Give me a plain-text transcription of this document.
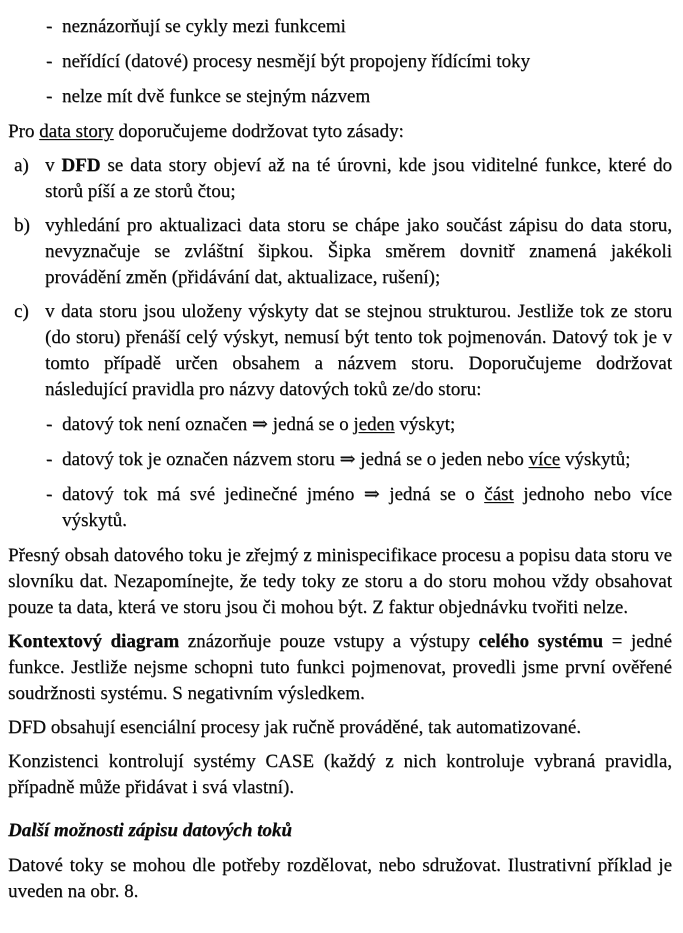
- neznázorňují se cykly mezi funkcemi
- neřídící (datové) procesy nesmějí být propojeny řídícími toky
- nelze mít dvě funkce se stejným názvem

Pro data story doporučujeme dodržovat tyto zásady:

a) v DFD se data story objeví až na té úrovni, kde jsou viditelné funkce, které do storů píší a ze storů čtou;
b) vyhledání pro aktualizaci data storu se chápe jako součást zápisu do data storu, nevyznačuje se zvláštní šipkou. Šipka směrem dovnitř znamená jakékoli provádění změn (přidávání dat, aktualizace, rušení);
c) v data storu jsou uloženy výskyty dat se stejnou strukturou. Jestliže tok ze storu (do storu) přenáší celý výskyt, nemusí být tento tok pojmenován. Datový tok je v tomto případě určen obsahem a názvem storu. Doporučujeme dodržovat následující pravidla pro názvy datových toků ze/do storu:
- datový tok není označen ⇒ jedná se o jeden výskyt;
- datový tok je označen názvem storu ⇒ jedná se o jeden nebo více výskytů;
- datový tok má své jedinečné jméno ⇒ jedná se o část jednoho nebo více výskytů.

Přesný obsah datového toku je zřejmý z minispecifikace procesu a popisu data storu ve slovníku dat. Nezapomínejte, že tedy toky ze storu a do storu mohou vždy obsahovat pouze ta data, která ve storu jsou či mohou být. Z faktur objednávku tvořiti nelze.

Kontextový diagram znázorňuje pouze vstupy a výstupy celého systému = jedné funkce. Jestliže nejsme schopni tuto funkci pojmenovat, provedli jsme první ověřené soudržnosti systému. S negativním výsledkem.

DFD obsahují esenciální procesy jak ručně prováděné, tak automatizované.

Konzistenci kontrolují systémy CASE (každý z nich kontroluje vybraná pravidla, případně může přidávat i svá vlastní).

Další možnosti zápisu datových toků

Datové toky se mohou dle potřeby rozdělovat, nebo sdružovat. Ilustrativní příklad je uveden na obr. 8.
